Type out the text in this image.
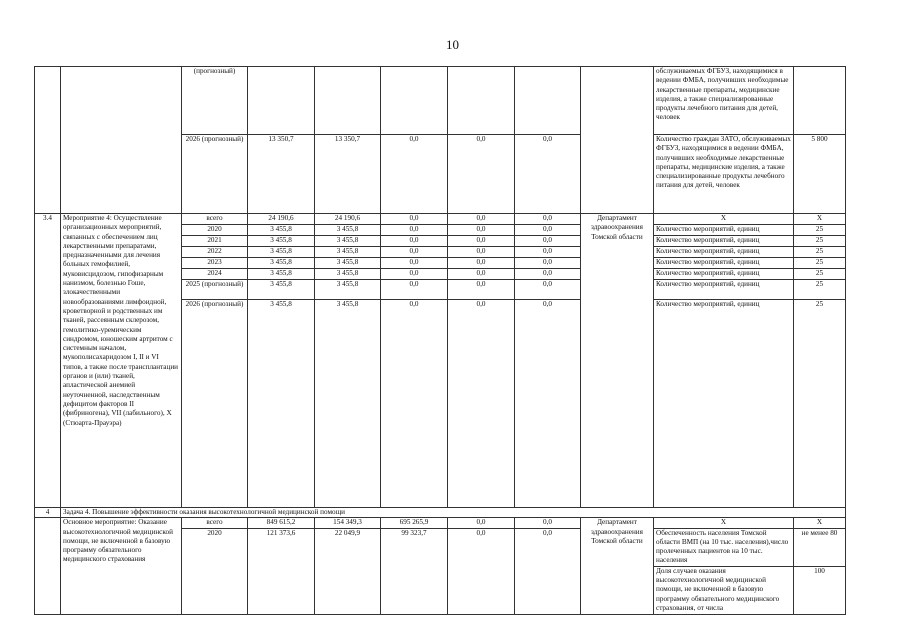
10
		(прогнозный)							обслуживаемых ФГБУЗ, находящимися в ведении ФМБА, получивших необходимые лекарственные препараты, медицинские изделия, а также специализированные продукты лечебного питания для детей, человек	
		2026 (прогнозный)	13 350,7	13 350,7	0,0	0,0	0,0		Количество граждан ЗАТО, обслуживаемых ФГБУЗ, находящимися в ведении ФМБА, получивших необходимые лекарственные препараты, медицинские изделия, а также специализированные продукты лечебного питания для детей, человек	5 800
3.4	Мероприятие 4: Осуществление организационных мероприятий, связанных с обеспечением лиц лекарственными препаратами, предназначенными для лечения больных гемофилией, муковисцидозом, гипофизарным нанизмом, болезнью Гоше, злокачественными новообразованиями лимфоидной, кроветворной и родственных им тканей, рассеянным склерозом, гемолитико-уремическим синдромом, юношеским артритом с системным началом, мукополисахаридозом I, II и VI типов, а также после трансплантации органов и (или) тканей, апластической анемией неуточненной, наследственным дефицитом факторов II (фибриногена), VII (лабильного), X (Стюарта-Прауэра)	всего	24 190,6	24 190,6	0,0	0,0	0,0	Департамент здравоохранения Томской области	X	X
		2020	3 455,8	3 455,8	0,0	0,0	0,0		Количество мероприятий, единиц	25
		2021	3 455,8	3 455,8	0,0	0,0	0,0		Количество мероприятий, единиц	25
		2022	3 455,8	3 455,8	0,0	0,0	0,0		Количество мероприятий, единиц	25
		2023	3 455,8	3 455,8	0,0	0,0	0,0		Количество мероприятий, единиц	25
		2024	3 455,8	3 455,8	0,0	0,0	0,0		Количество мероприятий, единиц	25
		2025 (прогнозный)	3 455,8	3 455,8	0,0	0,0	0,0		Количество мероприятий, единиц	25
		2026 (прогнозный)	3 455,8	3 455,8	0,0	0,0	0,0		Количество мероприятий, единиц	25
4	Задача 4. Повышение эффективности оказания высокотехнологичной медицинской помощи									
	Основное мероприятие: Оказание высокотехнологичной медицинской помощи, не включенной в базовую программу обязательного медицинского страхования	всего	849 615,2	154 349,3	695 265,9	0,0	0,0	Департамент здравоохранения Томской области	X	X
		2020	121 373,6	22 049,9	99 323,7	0,0	0,0		Обеспеченность населения Томской области ВМП (на 10 тыс. населения),число пролеченных пациентов на 10 тыс. населения	не менее 80
									Доля случаев оказания высокотехнологичной медицинской помощи, не включенной в базовую программу обязательного медицинского страхования, от числа	100
